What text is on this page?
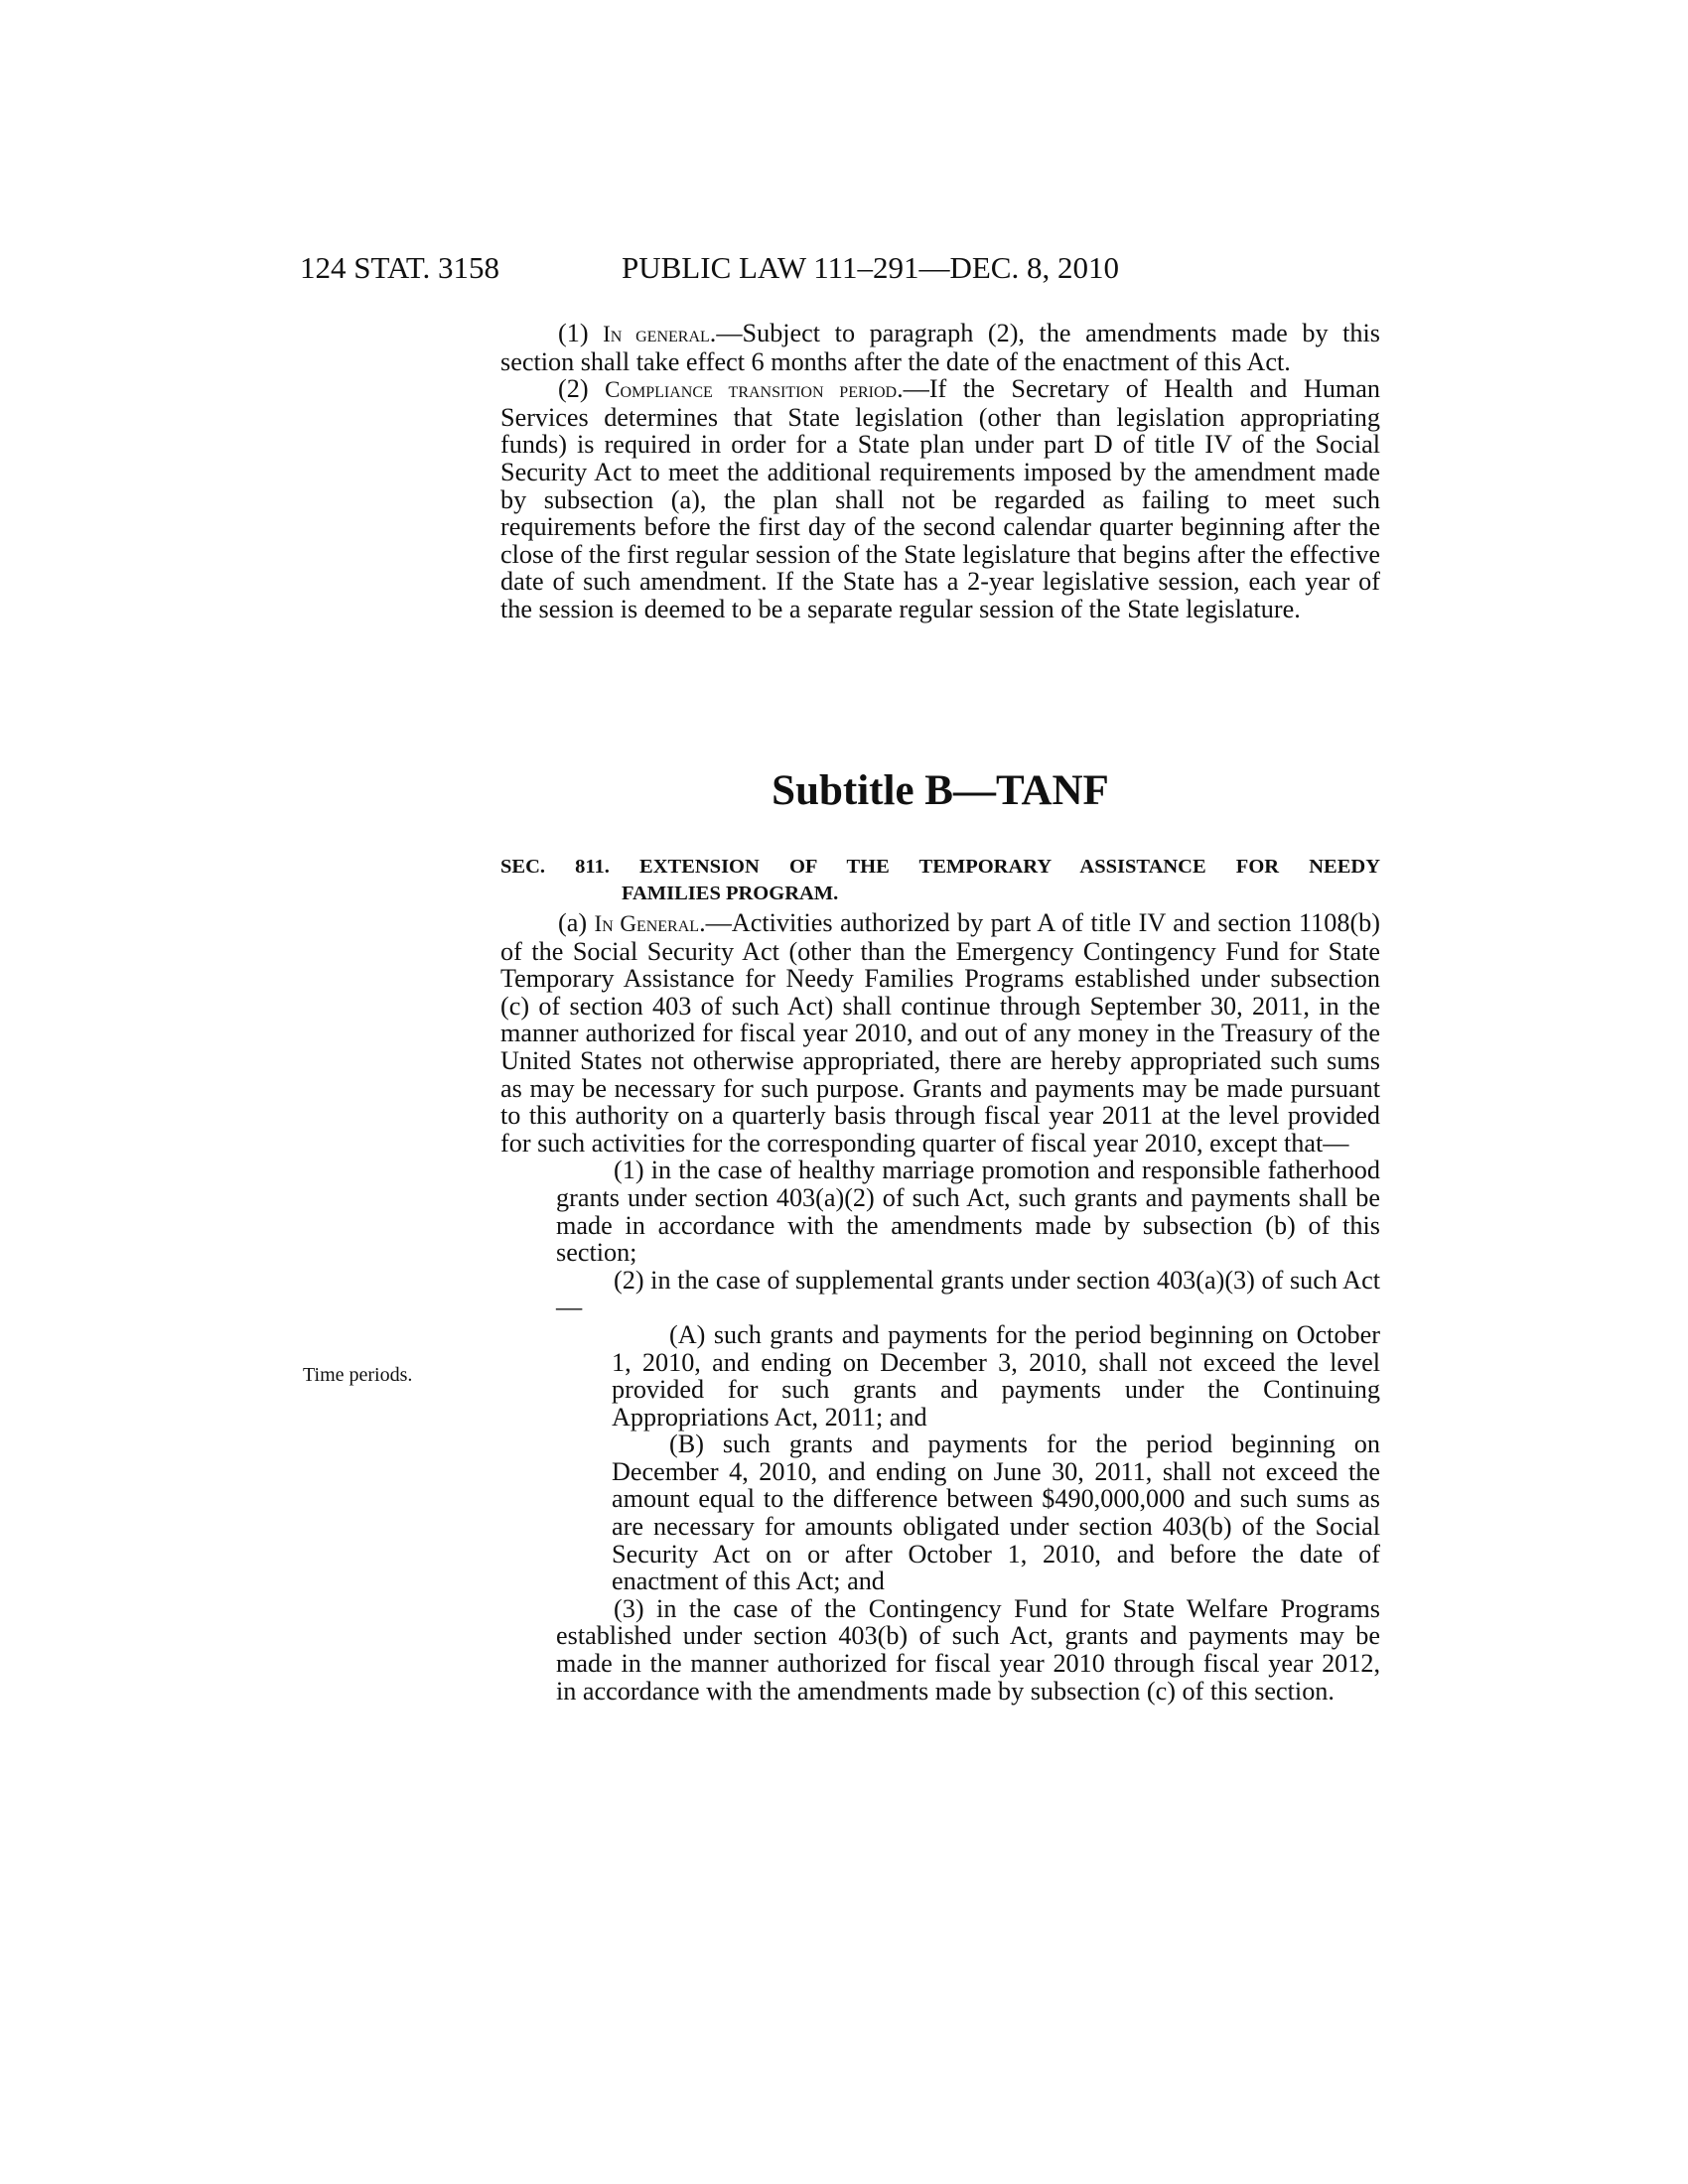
124 STAT. 3158	PUBLIC LAW 111–291—DEC. 8, 2010

(1) In general.—Subject to paragraph (2), the amendments made by this section shall take effect 6 months after the date of the enactment of this Act.

(2) Compliance transition period.—If the Secretary of Health and Human Services determines that State legislation (other than legislation appropriating funds) is required in order for a State plan under part D of title IV of the Social Security Act to meet the additional requirements imposed by the amendment made by subsection (a), the plan shall not be regarded as failing to meet such requirements before the first day of the second calendar quarter beginning after the close of the first regular session of the State legislature that begins after the effective date of such amendment. If the State has a 2-year legislative session, each year of the session is deemed to be a separate regular session of the State legislature.

Subtitle B—TANF
SEC. 811. EXTENSION OF THE TEMPORARY ASSISTANCE FOR NEEDY
FAMILIES PROGRAM.

(a) In General.—Activities authorized by part A of title IV and section 1108(b) of the Social Security Act (other than the Emergency Contingency Fund for State Temporary Assistance for Needy Families Programs established under subsection (c) of section 403 of such Act) shall continue through September 30, 2011, in the manner authorized for fiscal year 2010, and out of any money in the Treasury of the United States not otherwise appropriated, there are hereby appropriated such sums as may be necessary for such purpose. Grants and payments may be made pursuant to this authority on a quarterly basis through fiscal year 2011 at the level provided for such activities for the corresponding quarter of fiscal year 2010, except that—

(1) in the case of healthy marriage promotion and responsible fatherhood grants under section 403(a)(2) of such Act, such grants and payments shall be made in accordance with the amendments made by subsection (b) of this section;

(2) in the case of supplemental grants under section 403(a)(3) of such Act—

(A) such grants and payments for the period beginning on October 1, 2010, and ending on December 3, 2010, shall not exceed the level provided for such grants and payments under the Continuing Appropriations Act, 2011; and

(B) such grants and payments for the period beginning on December 4, 2010, and ending on June 30, 2011, shall not exceed the amount equal to the difference between $490,000,000 and such sums as are necessary for amounts obligated under section 403(b) of the Social Security Act on or after October 1, 2010, and before the date of enactment of this Act; and

(3) in the case of the Contingency Fund for State Welfare Programs established under section 403(b) of such Act, grants and payments may be made in the manner authorized for fiscal year 2010 through fiscal year 2012, in accordance with the amendments made by subsection (c) of this section.

Time periods.
